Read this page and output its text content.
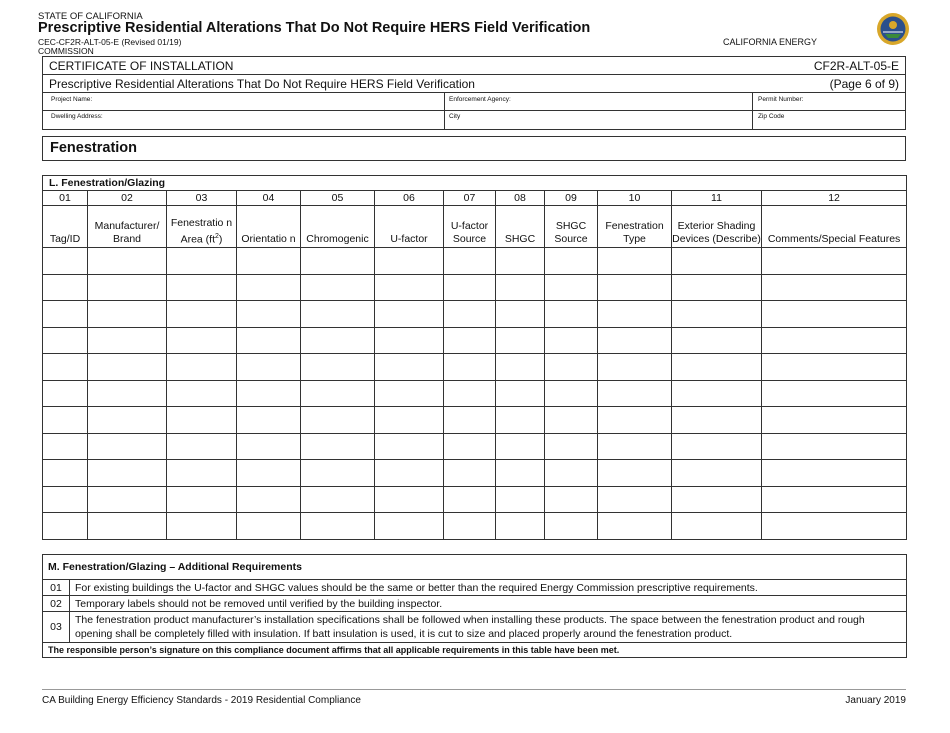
STATE OF CALIFORNIA
Prescriptive Residential Alterations That Do Not Require HERS Field Verification
CEC-CF2R-ALT-05-E (Revised 01/19)
COMMISSION
CALIFORNIA ENERGY
CERTIFICATE OF INSTALLATION	CF2R-ALT-05-E
Prescriptive Residential Alterations That Do Not Require HERS Field Verification	(Page 6 of 9)
Project Name:	Enforcement Agency:	Permit Number:
Dwelling Address:	City	Zip Code
Fenestration
L. Fenestration/Glazing											
01	02	03	04	05	06	07	08	09	10	11	12
Tag/ID	Manufacturer/ Brand	Fenestratio n Area $(ft^2)$	Orientatio n	Chromogenic	U-factor	U-factor Source	SHGC	SHGC Source	Fenestration Type	Exterior Shading Devices (Describe)	Comments/Special Features

M. Fenestration/Glazing – Additional Requirements	
01	For existing buildings the U-factor and SHGC values should be the same or better than the required Energy Commission prescriptive requirements.
02	Temporary labels should not be removed until verified by the building inspector.
03	The fenestration product manufacturer’s installation specifications shall be followed when installing these products. The space between the fenestration product and rough opening shall be completely filled with insulation. If batt insulation is used, it is cut to size and placed properly around the fenestration product.
The responsible person’s signature on this compliance document affirms that all applicable requirements in this table have been met.	
CA Building Energy Efficiency Standards - 2019 Residential Compliance	January 2019
